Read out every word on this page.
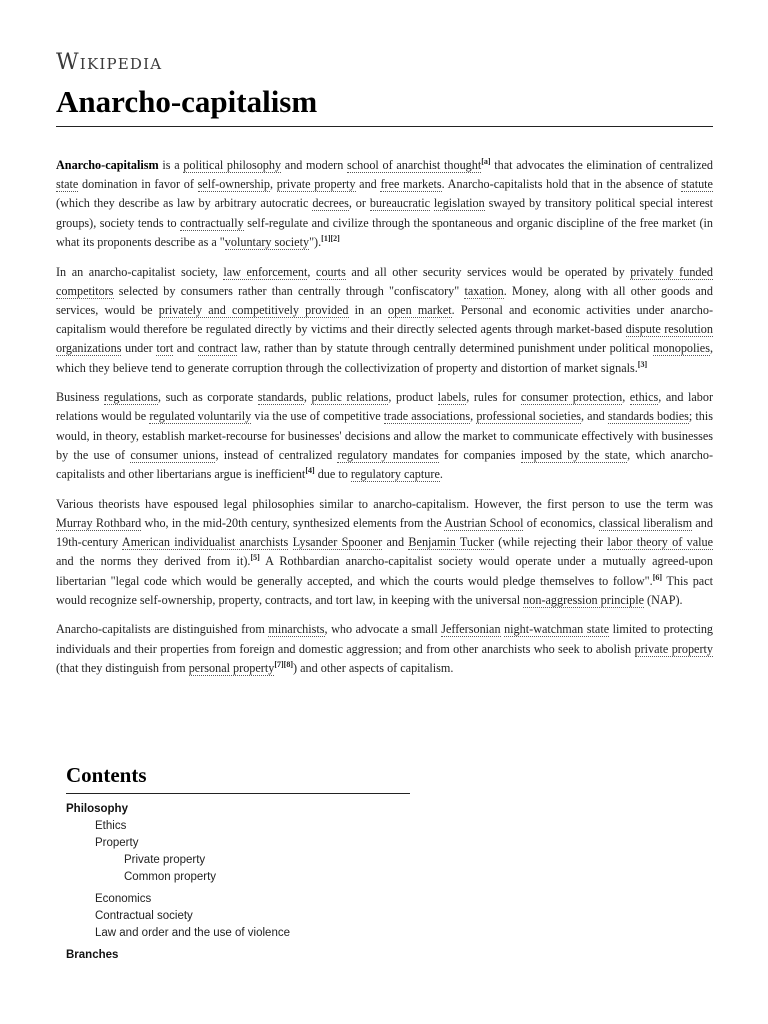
Wikipedia
Anarcho-capitalism

Anarcho-capitalism is a political philosophy and modern school of anarchist thought[a] that advocates the elimination of centralized state domination in favor of self-ownership, private property and free markets. Anarcho-capitalists hold that in the absence of statute (which they describe as law by arbitrary autocratic decrees, or bureaucratic legislation swayed by transitory political special interest groups), society tends to contractually self-regulate and civilize through the spontaneous and organic discipline of the free market (in what its proponents describe as a "voluntary society").[1][2]

In an anarcho-capitalist society, law enforcement, courts and all other security services would be operated by privately funded competitors selected by consumers rather than centrally through "confiscatory" taxation. Money, along with all other goods and services, would be privately and competitively provided in an open market. Personal and economic activities under anarcho-capitalism would therefore be regulated directly by victims and their directly selected agents through market-based dispute resolution organizations under tort and contract law, rather than by statute through centrally determined punishment under political monopolies, which they believe tend to generate corruption through the collectivization of property and distortion of market signals.[3]

Business regulations, such as corporate standards, public relations, product labels, rules for consumer protection, ethics, and labor relations would be regulated voluntarily via the use of competitive trade associations, professional societies, and standards bodies; this would, in theory, establish market-recourse for businesses' decisions and allow the market to communicate effectively with businesses by the use of consumer unions, instead of centralized regulatory mandates for companies imposed by the state, which anarcho-capitalists and other libertarians argue is inefficient[4] due to regulatory capture.

Various theorists have espoused legal philosophies similar to anarcho-capitalism. However, the first person to use the term was Murray Rothbard who, in the mid-20th century, synthesized elements from the Austrian School of economics, classical liberalism and 19th-century American individualist anarchists Lysander Spooner and Benjamin Tucker (while rejecting their labor theory of value and the norms they derived from it).[5] A Rothbardian anarcho-capitalist society would operate under a mutually agreed-upon libertarian "legal code which would be generally accepted, and which the courts would pledge themselves to follow".[6] This pact would recognize self-ownership, property, contracts, and tort law, in keeping with the universal non-aggression principle (NAP).

Anarcho-capitalists are distinguished from minarchists, who advocate a small Jeffersonian night-watchman state limited to protecting individuals and their properties from foreign and domestic aggression; and from other anarchists who seek to abolish private property (that they distinguish from personal property[7][8]) and other aspects of capitalism.

Contents
Philosophy
Ethics
Property
Private property
Common property
Economics
Contractual society
Law and order and the use of violence
Branches
